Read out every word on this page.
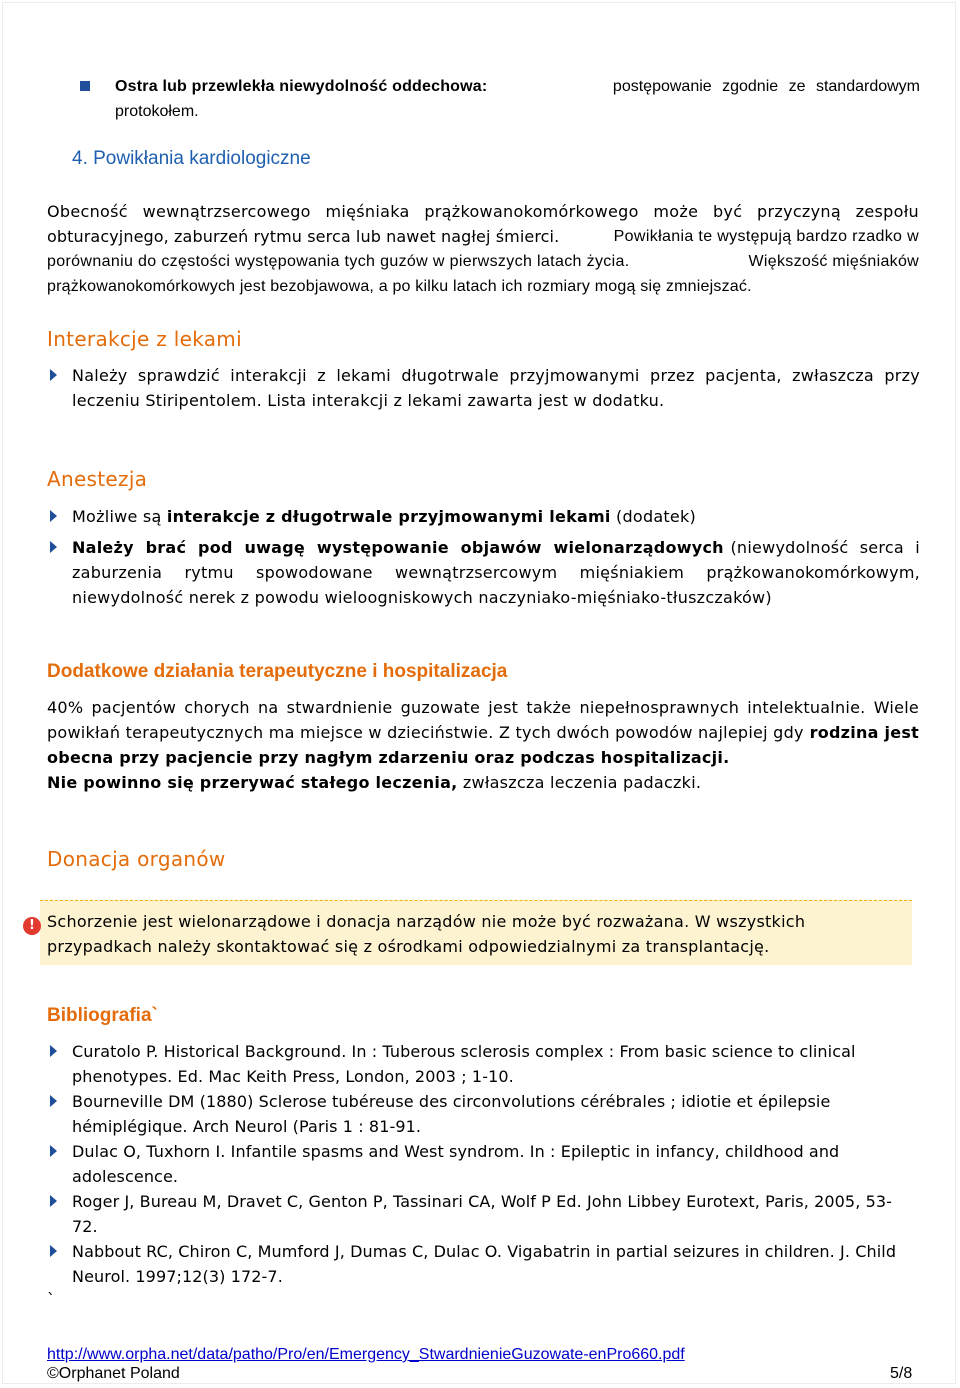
Ostra lub przewlekła niewydolność oddechowa:	postępowanie zgodnie ze standardowym
protokołem.
4. Powikłania kardiologiczne
Obecność wewnątrzsercowego mięśniaka prążkowanokomórkowego może być przyczyną zespołu
obturacyjnego, zaburzeń rytmu serca lub nawet nagłej śmierci.	Powikłania te występują bardzo rzadko w
porównaniu do częstości występowania tych guzów w pierwszych latach życia.	Większość mięśniaków
prążkowanokomórkowych jest bezobjawowa, a po kilku latach ich rozmiary mogą się zmniejszać.
Interakcje z lekami
Należy sprawdzić interakcji z lekami długotrwale przyjmowanymi przez pacjenta, zwłaszcza przy
leczeniu Stiripentolem. Lista interakcji z lekami zawarta jest w dodatku.
Anestezja
Możliwe są interakcje z długotrwale przyjmowanymi lekami (dodatek)
Należy brać pod uwagę występowanie objawów wielonarządowych (niewydolność serca i
zaburzenia rytmu spowodowane wewnątrzsercowym mięśniakiem prążkowanokomórkowym,
niewydolność nerek z powodu wieloogniskowych naczyniako-mięśniako-tłuszczaków)
Dodatkowe działania terapeutyczne i hospitalizacja
40% pacjentów chorych na stwardnienie guzowate jest także niepełnosprawnych intelektualnie. Wiele
powikłań terapeutycznych ma miejsce w dzieciństwie. Z tych dwóch powodów najlepiej gdy rodzina jest
obecna przy pacjencie przy nagłym zdarzeniu oraz podczas hospitalizacji.
Nie powinno się przerywać stałego leczenia, zwłaszcza leczenia padaczki.
Donacja organów
! Schorzenie jest wielonarządowe i donacja narządów nie może być rozważana. W wszystkich
przypadkach należy skontaktować się z ośrodkami odpowiedzialnymi za transplantację.
Bibliografia`
Curatolo P. Historical Background. In : Tuberous sclerosis complex : From basic science to clinical
phenotypes. Ed. Mac Keith Press, London, 2003 ; 1-10.
Bourneville DM (1880) Sclerose tubéreuse des circonvolutions cérébrales ; idiotie et épilepsie
hémiplégique. Arch Neurol (Paris 1 : 81-91.
Dulac O, Tuxhorn I. Infantile spasms and West syndrom. In : Epileptic in infancy, childhood and
adolescence.
Roger J, Bureau M, Dravet C, Genton P, Tassinari CA, Wolf P Ed. John Libbey Eurotext, Paris, 2005, 53-
72.
Nabbout RC, Chiron C, Mumford J, Dumas C, Dulac O. Vigabatrin in partial seizures in children. J. Child
Neurol. 1997;12(3) 172-7.
`
http://www.orpha.net/data/patho/Pro/en/Emergency_StwardnienieGuzowate-enPro660.pdf
©Orphanet Poland	5/8
